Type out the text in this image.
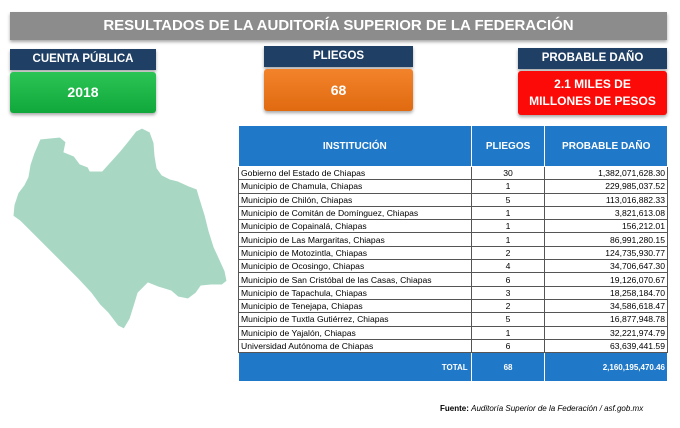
RESULTADOS DE LA AUDITORÍA SUPERIOR DE LA FEDERACIÓN
CUENTA PÚBLICA
2018
PLIEGOS
68
PROBABLE DAÑO
2.1 MILES DE
MILLONES DE PESOS
INSTITUCIÓN	PLIEGOS	PROBABLE DAÑO
Gobierno del Estado de Chiapas	30	1,382,071,628.30
Municipio de Chamula, Chiapas	1	229,985,037.52
Municipio de Chilón, Chiapas	5	113,016,882.33
Municipio de Comitán de Domínguez, Chiapas	1	3,821,613.08
Municipio de Copainalá, Chiapas	1	156,212.01
Municipio de Las Margaritas, Chiapas	1	86,991,280.15
Municipio de Motozintla, Chiapas	2	124,735,930.77
Municipio de Ocosingo, Chiapas	4	34,706,647.30
Municipio de San Cristóbal de las Casas, Chiapas	6	19,126,070.67
Municipio de Tapachula, Chiapas	3	18,258,184.70
Municipio de Tenejapa, Chiapas	2	34,586,618.47
Municipio de Tuxtla Gutiérrez, Chiapas	5	16,877,948.78
Municipio de Yajalón, Chiapas	1	32,221,974.79
Universidad Autónoma de Chiapas	6	63,639,441.59
TOTAL	68	2,160,195,470.46
Fuente: Auditoría Superior de la Federación / asf.gob.mx
